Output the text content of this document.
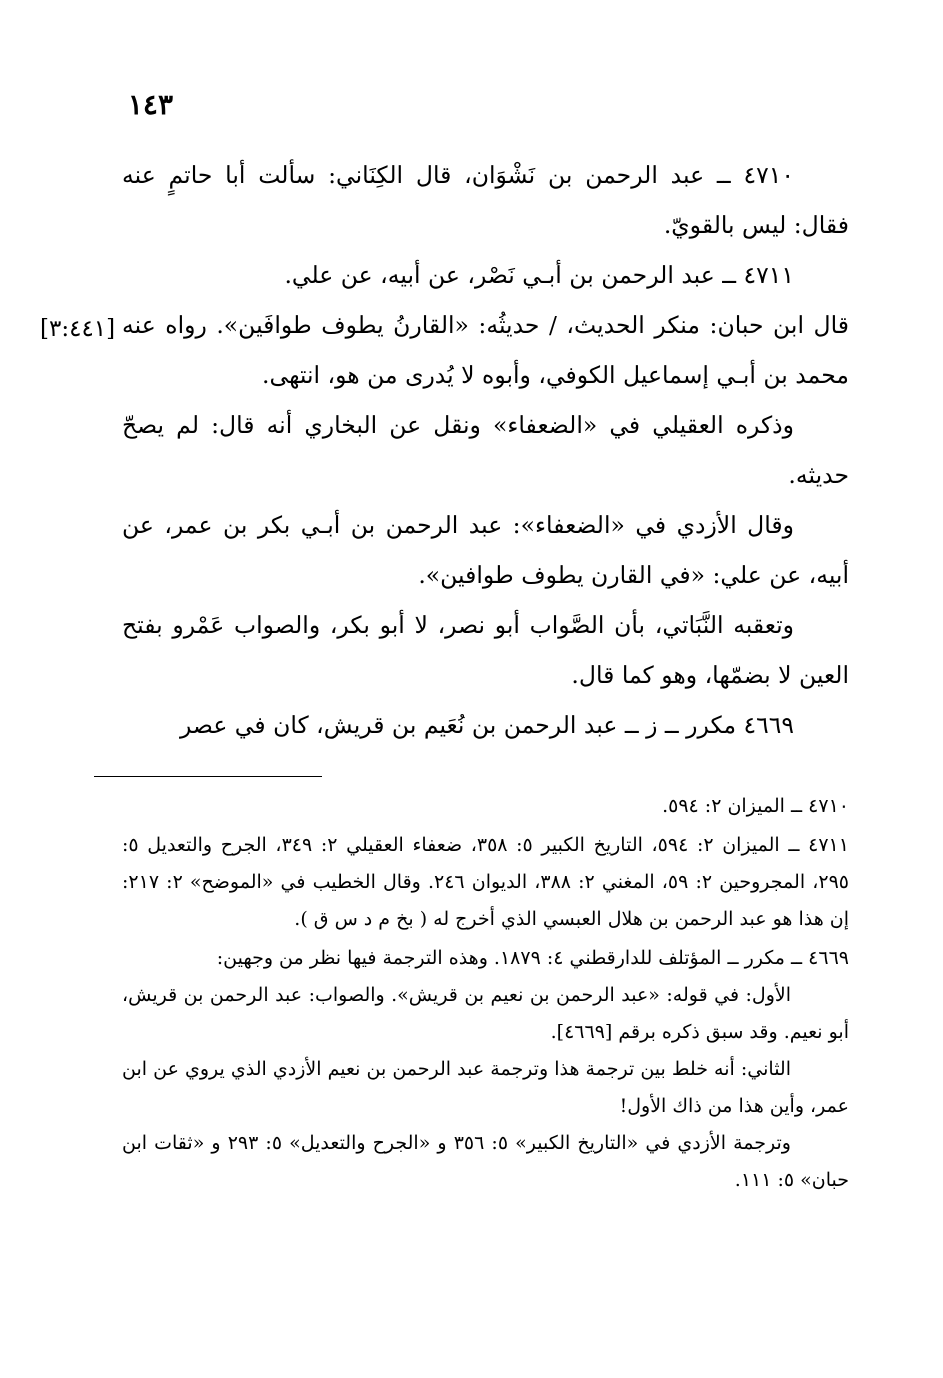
١٤٣

٤٧١٠ ــ عبد الرحمن بن نَشْوَان، قال الكِنَاني: سألت أبا حاتمٍ عنه فقال: ليس بالقويّ.

٤٧١١ ــ عبد الرحمن بن أبـي نَصْر، عن أبيه، عن علي.

قال ابن حبان: منكر الحديث، / حديثُه: «القارنُ يطوف طوافَين». رواه عنه محمد بن أبـي إسماعيل الكوفي، وأبوه لا يُدرى من هو، انتهى.

وذكره العقيلي في «الضعفاء» ونقل عن البخاري أنه قال: لم يصحّ حديثه.

وقال الأزدي في «الضعفاء»: عبد الرحمن بن أبـي بكر بن عمر، عن أبيه، عن علي: «في القارن يطوف طوافين».

وتعقبه النَّبَاتي، بأن الصَّواب أبو نصر، لا أبو بكر، والصواب عَمْرو بفتح العين لا بضمّها، وهو كما قال.

٤٦٦٩ مكرر ــ ز ــ عبد الرحمن بن نُعَيم بن قريش، كان في عصر

[٣:٤٤١]

٤٧١٠ ــ الميزان ٢: ٥٩٤.

٤٧١١ ــ الميزان ٢: ٥٩٤، التاريخ الكبير ٥: ٣٥٨، ضعفاء العقيلي ٢: ٣٤٩، الجرح والتعديل ٥: ٢٩٥، المجروحين ٢: ٥٩، المغني ٢: ٣٨٨، الديوان ٢٤٦. وقال الخطيب في «الموضح» ٢: ٢١٧: إن هذا هو عبد الرحمن بن هلال العبسي الذي أخرج له ( بخ م د س ق ).

٤٦٦٩ ــ مكرر ــ المؤتلف للدارقطني ٤: ١٨٧٩. وهذه الترجمة فيها نظر من وجهين:

الأول: في قوله: «عبد الرحمن بن نعيم بن قريش». والصواب: عبد الرحمن بن قريش، أبو نعيم. وقد سبق ذكره برقم [٤٦٦٩].

الثاني: أنه خلط بين ترجمة هذا وترجمة عبد الرحمن بن نعيم الأزدي الذي يروي عن ابن عمر، وأين هذا من ذاك الأول!

وترجمة الأزدي في «التاريخ الكبير» ٥: ٣٥٦ و «الجرح والتعديل» ٥: ٢٩٣ و «ثقات ابن حبان» ٥: ١١١.
